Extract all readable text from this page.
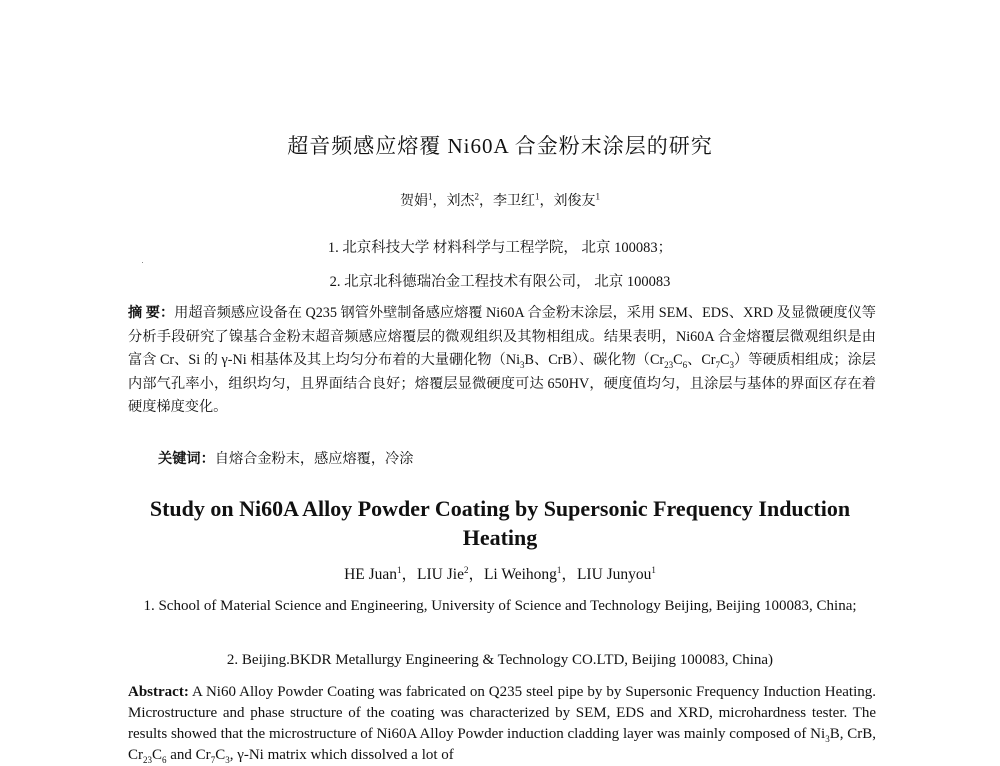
超音频感应熔覆 Ni60A 合金粉末涂层的研究
贺娟$^1$，刘杰$^2$，李卫红$^1$，刘俊友$^1$
1. 北京科技大学 材料科学与工程学院， 北京 100083；
2. 北京北科德瑞冶金工程技术有限公司， 北京 100083
摘 要：用超音频感应设备在 Q235 钢管外壁制备感应熔覆 Ni60A 合金粉末涂层，采用 SEM、EDS、XRD 及显微硬度仪等分析手段研究了镍基合金粉末超音频感应熔覆层的微观组织及其物相组成。结果表明，Ni60A 合金熔覆层微观组织是由富含 Cr、Si 的 γ-Ni 相基体及其上均匀分布着的大量硼化物（$Ni_3B$、CrB）、碳化物（$Cr_{23}C_6$、$Cr_7C_3$）等硬质相组成；涂层内部气孔率小，组织均匀，且界面结合良好；熔覆层显微硬度可达 650HV，硬度值均匀，且涂层与基体的界面区存在着硬度梯度变化。
关键词：自熔合金粉末，感应熔覆，冷涂
Study on Ni60A Alloy Powder Coating by Supersonic Frequency Induction Heating
HE Juan$^1$，LIU Jie$^2$，Li Weihong$^1$，LIU Junyou$^1$
1. School of Material Science and Engineering, University of Science and Technology Beijing, Beijing 100083, China;
2. Beijing.BKDR Metallurgy Engineering & Technology CO.LTD, Beijing 100083, China)
Abstract: A Ni60 Alloy Powder Coating was fabricated on Q235 steel pipe by by Supersonic Frequency Induction Heating. Microstructure and phase structure of the coating was characterized by SEM, EDS and XRD, microhardness tester. The results showed that the microstructure of Ni60A Alloy Powder induction cladding layer was mainly composed of $Ni_3B$, CrB, $Cr_{23}C_6$ and $Cr_7C_3$, γ-Ni matrix which dissolved a lot of
